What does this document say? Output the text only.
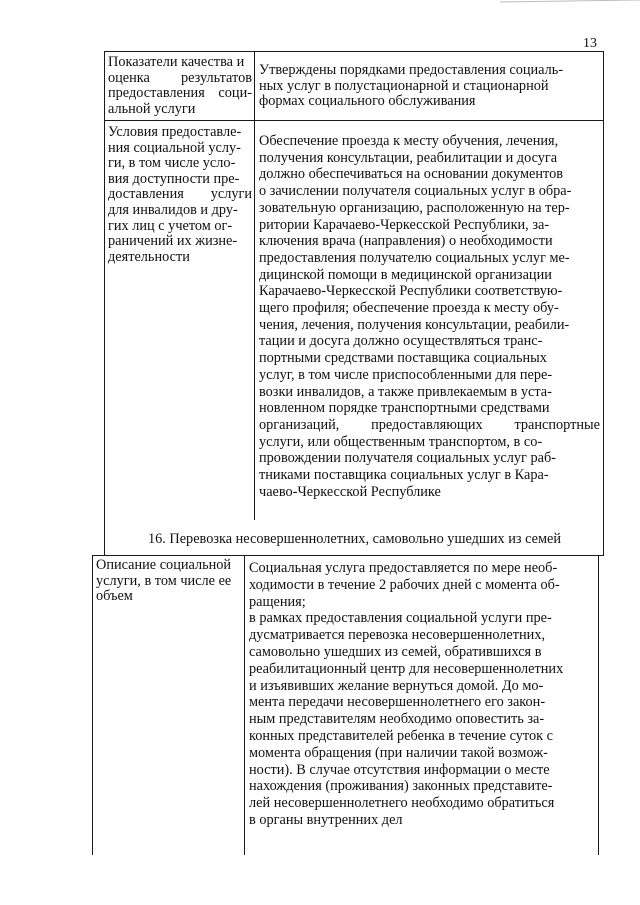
13
Показатели качества и
оценка результатов
предоставления соци-
альной услуги
Утверждены порядками предоставления социаль-
ных услуг в полустационарной и стационарной
формах социального обслуживания
Условия предоставле-
ния социальной услу-
ги, в том числе усло-
вия доступности пре-
доставления услуги
для инвалидов и дру-
гих лиц с учетом ог-
раничений их жизне-
деятельности
Обеспечение проезда к месту обучения, лечения,
получения консультации, реабилитации и досуга
должно обеспечиваться на основании документов
о зачислении получателя социальных услуг в обра-
зовательную организацию, расположенную на тер-
ритории Карачаево-Черкесской Республики, за-
ключения врача (направления) о необходимости
предоставления получателю социальных услуг ме-
дицинской помощи в медицинской организации
Карачаево-Черкесской Республики соответствую-
щего профиля; обеспечение проезда к месту обу-
чения, лечения, получения консультации, реабили-
тации и досуга должно осуществляться транс-
портными средствами поставщика социальных
услуг, в том числе приспособленными для пере-
возки инвалидов, а также привлекаемым в уста-
новленном порядке транспортными средствами
организаций, предоставляющих транспортные
услуги, или общественным транспортом, в со-
провождении получателя социальных услуг раб-
тниками поставщика социальных услуг в Кара-
чаево-Черкесской Республике
16. Перевозка несовершеннолетних, самовольно ушедших из семей
Описание социальной
услуги, в том числе ее
объем
Социальная услуга предоставляется по мере необ-
ходимости в течение 2 рабочих дней с момента об-
ращения;
в рамках предоставления социальной услуги пре-
дусматривается перевозка несовершеннолетних,
самовольно ушедших из семей, обратившихся в
реабилитационный центр для несовершеннолетних
и изъявивших желание вернуться домой. До мо-
мента передачи несовершеннолетнего его закон-
ным представителям необходимо оповестить за-
конных представителей ребенка в течение суток с
момента обращения (при наличии такой возмож-
ности). В случае отсутствия информации о месте
нахождения (проживания) законных представите-
лей несовершеннолетнего необходимо обратиться
в органы внутренних дел
